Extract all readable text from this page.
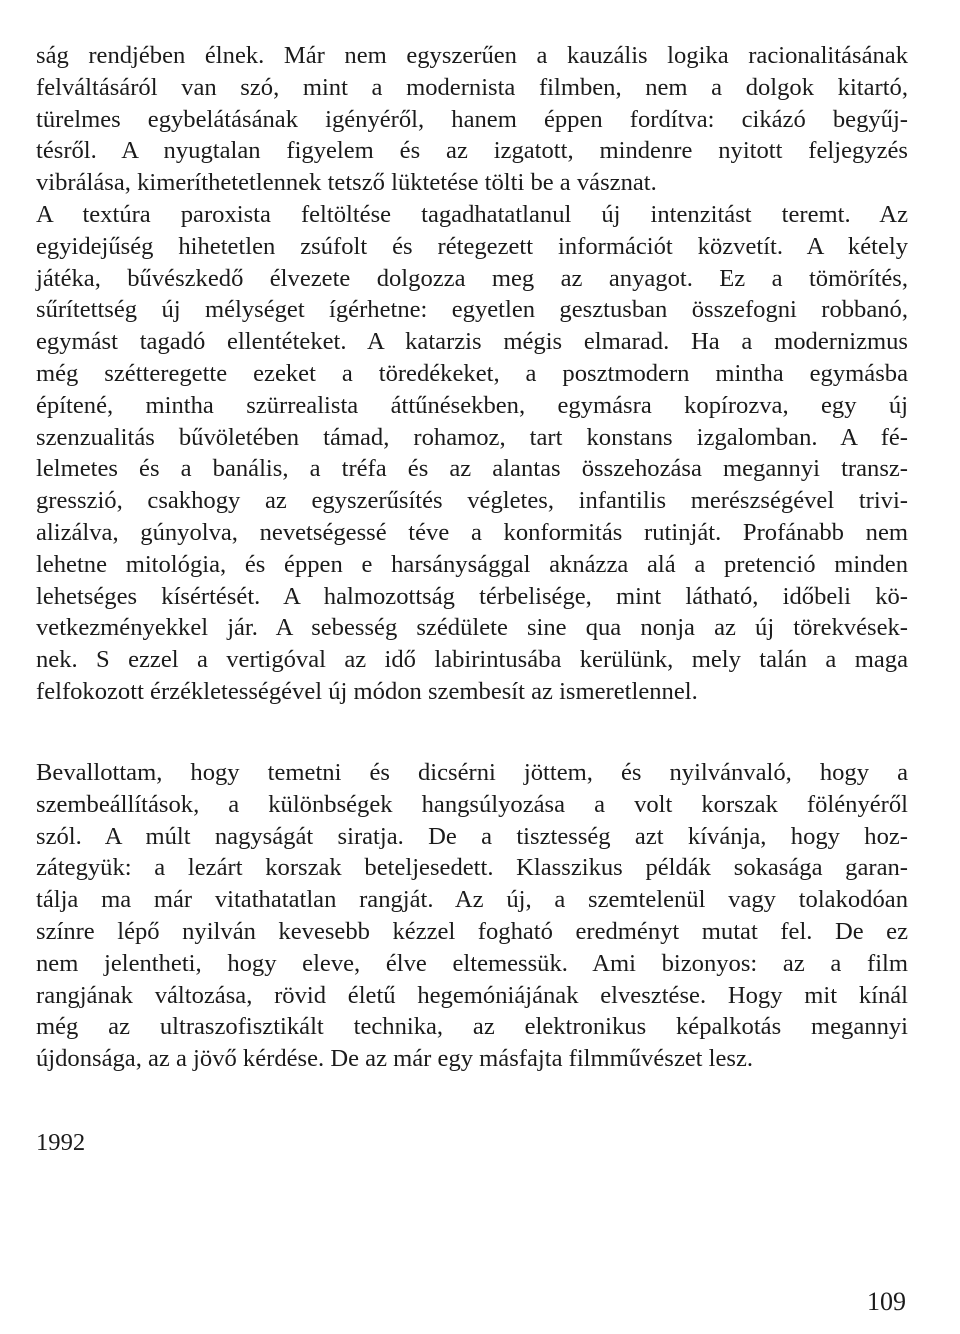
ság rendjében élnek. Már nem egyszerűen a kauzális logika racionalitásának
felváltásáról van szó, mint a modernista filmben, nem a dolgok kitartó,
türelmes egybelátásának igényéről, hanem éppen fordítva: cikázó begyűj-
tésről. A nyugtalan figyelem és az izgatott, mindenre nyitott feljegyzés
vibrálása, kimeríthetetlennek tetsző lüktetése tölti be a vásznat.
A textúra paroxista feltöltése tagadhatatlanul új intenzitást teremt. Az
egyidejűség hihetetlen zsúfolt és rétegezett információt közvetít. A kétely
játéka, bűvészkedő élvezete dolgozza meg az anyagot. Ez a tömörítés,
sűrítettség új mélységet ígérhetne: egyetlen gesztusban összefogni robbanó,
egymást tagadó ellentéteket. A katarzis mégis elmarad. Ha a modernizmus
még szétteregette ezeket a töredékeket, a posztmodern mintha egymásba
építené, mintha szürrealista áttűnésekben, egymásra kopírozva, egy új
szenzualitás bűvöletében támad, rohamoz, tart konstans izgalomban. A fé-
lelmetes és a banális, a tréfa és az alantas összehozása megannyi transz-
gresszió, csakhogy az egyszerűsítés végletes, infantilis merészségével trivi-
alizálva, gúnyolva, nevetségessé téve a konformitás rutinját. Profánabb nem
lehetne mitológia, és éppen e harsánysággal aknázza alá a pretenció minden
lehetséges kísértését. A halmozottság térbelisége, mint látható, időbeli kö-
vetkezményekkel jár. A sebesség szédülete sine qua nonja az új törekvések-
nek. S ezzel a vertigóval az idő labirintusába kerülünk, mely talán a maga
felfokozott érzékletességével új módon szembesít az ismeretlennel.
Bevallottam, hogy temetni és dicsérni jöttem, és nyilvánvaló, hogy a
szembeállítások, a különbségek hangsúlyozása a volt korszak fölényéről
szól. A múlt nagyságát siratja. De a tisztesség azt kívánja, hogy hoz-
zátegyük: a lezárt korszak beteljesedett. Klasszikus példák sokasága garan-
tálja ma már vitathatatlan rangját. Az új, a szemtelenül vagy tolakodóan
színre lépő nyilván kevesebb kézzel fogható eredményt mutat fel. De ez
nem jelentheti, hogy eleve, élve eltemessük. Ami bizonyos: az a film
rangjának változása, rövid életű hegemóniájának elvesztése. Hogy mit kínál
még az ultraszofisztikált technika, az elektronikus képalkotás megannyi
újdonsága, az a jövő kérdése. De az már egy másfajta filmművészet lesz.

1992

109
